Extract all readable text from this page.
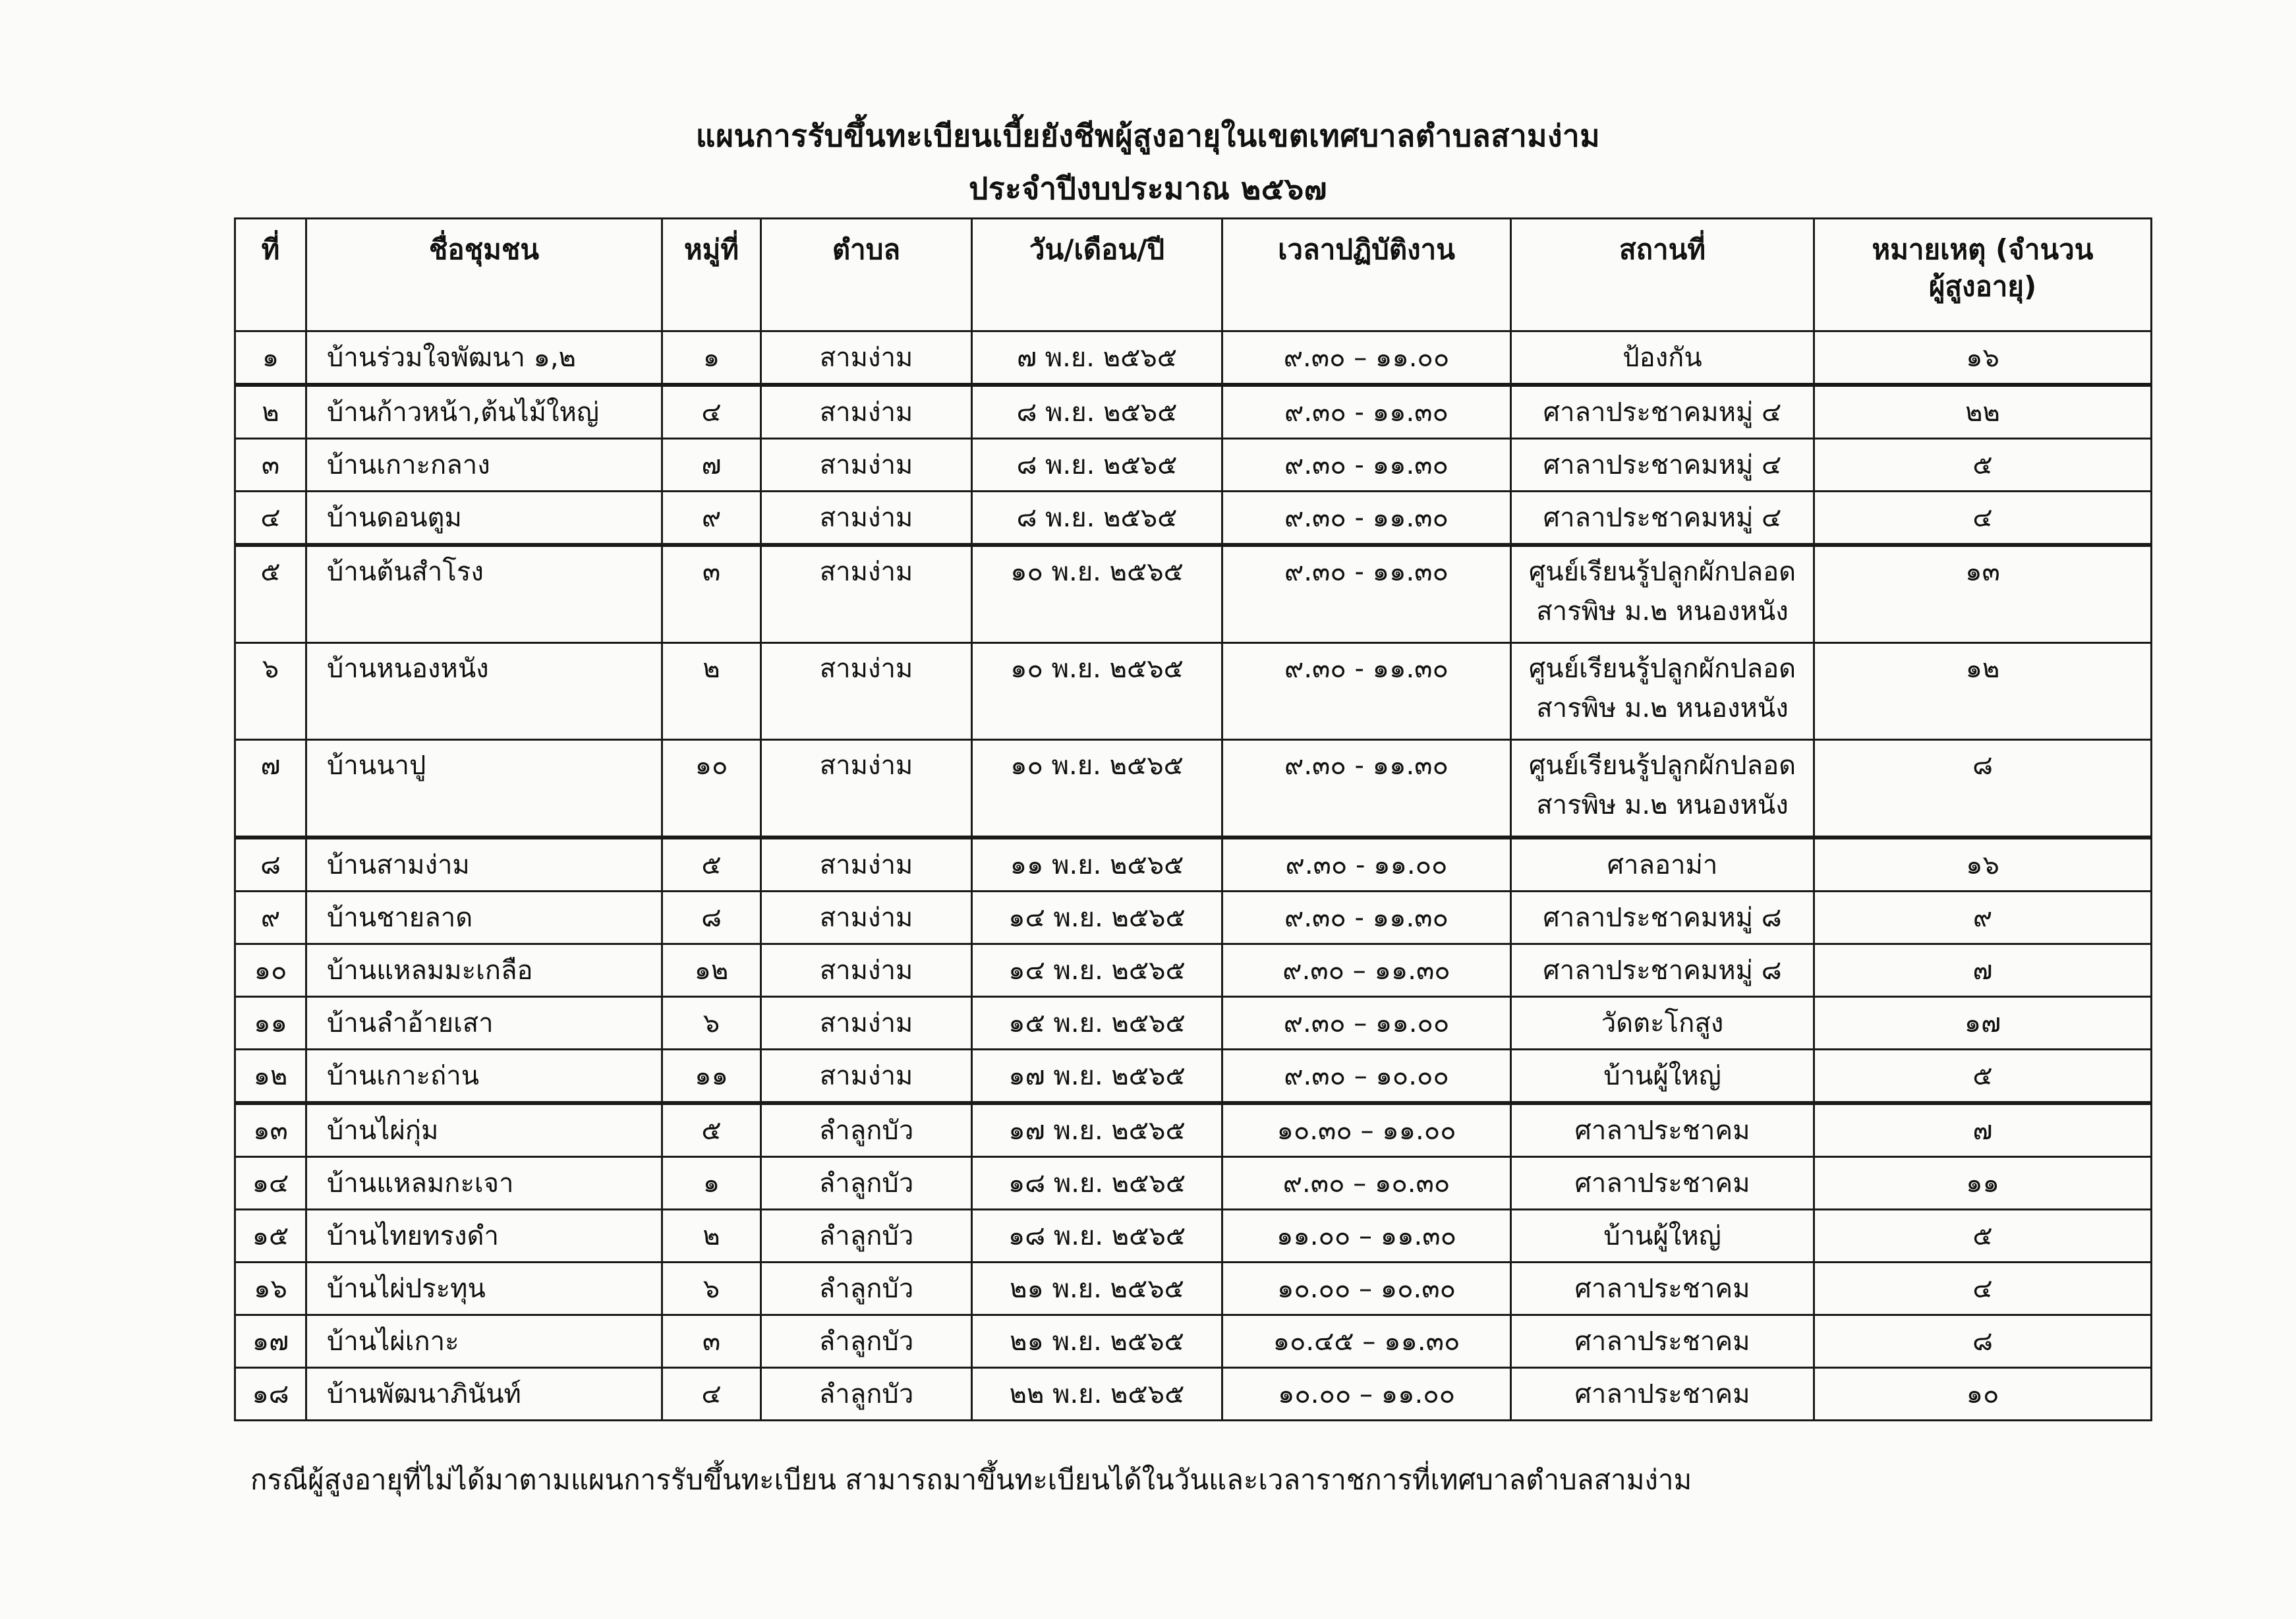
แผนการรับขึ้นทะเบียนเบี้ยยังชีพผู้สูงอายุในเขตเทศบาลตำบลสามง่าม
ประจำปีงบประมาณ ๒๕๖๗
ที่	ชื่อชุมชน	หมู่ที่	ตำบล	วัน/เดือน/ปี	เวลาปฏิบัติงาน	สถานที่	หมายเหตุ (จำนวน
ผู้สูงอายุ)

๑	บ้านร่วมใจพัฒนา ๑,๒	๑	สามง่าม	๗ พ.ย. ๒๕๖๕	๙.๓๐ – ๑๑.๐๐	ป้องกัน	๑๖
๒	บ้านก้าวหน้า,ต้นไม้ใหญ่	๔	สามง่าม	๘ พ.ย. ๒๕๖๕	๙.๓๐ - ๑๑.๓๐	ศาลาประชาคมหมู่ ๔	๒๒
๓	บ้านเกาะกลาง	๗	สามง่าม	๘ พ.ย. ๒๕๖๕	๙.๓๐ - ๑๑.๓๐	ศาลาประชาคมหมู่ ๔	๕
๔	บ้านดอนตูม	๙	สามง่าม	๘ พ.ย. ๒๕๖๕	๙.๓๐ - ๑๑.๓๐	ศาลาประชาคมหมู่ ๔	๔
๕	บ้านต้นสำโรง	๓	สามง่าม	๑๐ พ.ย. ๒๕๖๕	๙.๓๐ - ๑๑.๓๐	ศูนย์เรียนรู้ปลูกผักปลอด
สารพิษ ม.๒ หนองหนัง	๑๓
๖	บ้านหนองหนัง	๒	สามง่าม	๑๐ พ.ย. ๒๕๖๕	๙.๓๐ - ๑๑.๓๐	ศูนย์เรียนรู้ปลูกผักปลอด
สารพิษ ม.๒ หนองหนัง	๑๒
๗	บ้านนาปู	๑๐	สามง่าม	๑๐ พ.ย. ๒๕๖๕	๙.๓๐ - ๑๑.๓๐	ศูนย์เรียนรู้ปลูกผักปลอด
สารพิษ ม.๒ หนองหนัง	๘
๘	บ้านสามง่าม	๕	สามง่าม	๑๑ พ.ย. ๒๕๖๕	๙.๓๐ - ๑๑.๐๐	ศาลอาม่า	๑๖
๙	บ้านชายลาด	๘	สามง่าม	๑๔ พ.ย. ๒๕๖๕	๙.๓๐ - ๑๑.๓๐	ศาลาประชาคมหมู่ ๘	๙
๑๐	บ้านแหลมมะเกลือ	๑๒	สามง่าม	๑๔ พ.ย. ๒๕๖๕	๙.๓๐ – ๑๑.๓๐	ศาลาประชาคมหมู่ ๘	๗
๑๑	บ้านลำอ้ายเสา	๖	สามง่าม	๑๕ พ.ย. ๒๕๖๕	๙.๓๐ – ๑๑.๐๐	วัดตะโกสูง	๑๗
๑๒	บ้านเกาะถ่าน	๑๑	สามง่าม	๑๗ พ.ย. ๒๕๖๕	๙.๓๐ – ๑๐.๐๐	บ้านผู้ใหญ่	๕
๑๓	บ้านไผ่กุ่ม	๕	ลำลูกบัว	๑๗ พ.ย. ๒๕๖๕	๑๐.๓๐ – ๑๑.๐๐	ศาลาประชาคม	๗
๑๔	บ้านแหลมกะเจา	๑	ลำลูกบัว	๑๘ พ.ย. ๒๕๖๕	๙.๓๐ – ๑๐.๓๐	ศาลาประชาคม	๑๑
๑๕	บ้านไทยทรงดำ	๒	ลำลูกบัว	๑๘ พ.ย. ๒๕๖๕	๑๑.๐๐ – ๑๑.๓๐	บ้านผู้ใหญ่	๕
๑๖	บ้านไผ่ประทุน	๖	ลำลูกบัว	๒๑ พ.ย. ๒๕๖๕	๑๐.๐๐ – ๑๐.๓๐	ศาลาประชาคม	๔
๑๗	บ้านไผ่เกาะ	๓	ลำลูกบัว	๒๑ พ.ย. ๒๕๖๕	๑๐.๔๕ – ๑๑.๓๐	ศาลาประชาคม	๘
๑๘	บ้านพัฒนาภินันท์	๔	ลำลูกบัว	๒๒ พ.ย. ๒๕๖๕	๑๐.๐๐ – ๑๑.๐๐	ศาลาประชาคม	๑๐
กรณีผู้สูงอายุที่ไม่ได้มาตามแผนการรับขึ้นทะเบียน สามารถมาขึ้นทะเบียนได้ในวันและเวลาราชการที่เทศบาลตำบลสามง่าม
